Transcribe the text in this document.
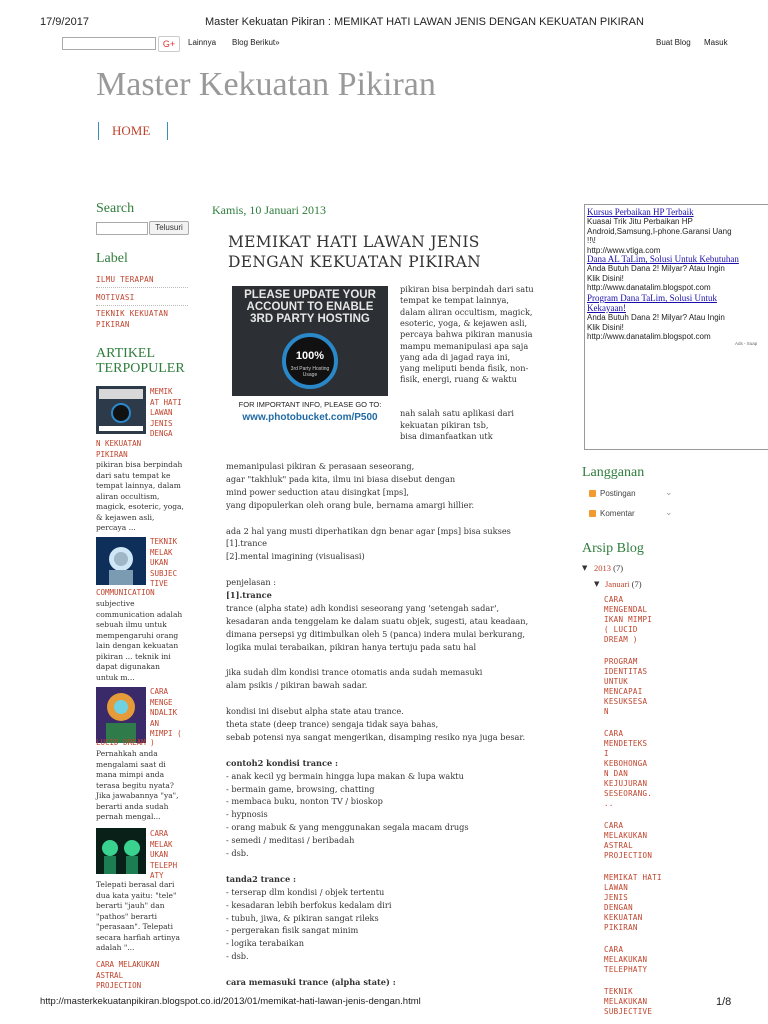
17/9/2017	Master Kekuatan Pikiran : MEMIKAT HATI LAWAN JENIS DENGAN KEKUATAN PIKIRAN
http://masterkekuatanpikiran.blogspot.co.id/2013/01/memikat-hati-lawan-jenis-dengan.html	1/8
G+	Lainnya Blog Berikut»	Buat Blog Masuk
Master Kekuatan Pikiran
HOME
Search
Telusuri
Label
ILMU TERAPAN
MOTIVASI
TEKNIK KEKUATAN PIKIRAN
ARTIKEL
TERPOPULER
MEMIK
AT HATI
LAWAN
JENIS
DENGA
N KEKUATAN
PIKIRAN
pikiran bisa berpindah
dari satu tempat ke
tempat lainnya, dalam
aliran occultism,
magick, esoteric, yoga,
& kejawen asli,
percaya ...
TEKNIK
MELAK
UKAN
SUBJEC
TIVE
COMMUNICATION
subjective
communication adalah
sebuah ilmu untuk
mempengaruhi orang
lain dengan kekuatan
pikiran ... teknik ini
dapat digunakan
untuk m...
CARA
MENGE
NDALIK
AN
MIMPI (
LUCID DREAM )
Pernahkah anda
mengalami saat di
mana mimpi anda
terasa begitu nyata?
Jika jawabannya "ya",
berarti anda sudah
pernah mengal...
CARA
MELAK
UKAN
TELEPH
ATY
Telepati berasal dari
dua kata yaitu: "tele"
berarti "jauh" dan
"pathos" berarti
"perasaan". Telepati
secara harfiah artinya
adalah "...
CARA MELAKUKAN
ASTRAL
PROJECTION
Kamis, 10 Januari 2013
MEMIKAT HATI LAWAN JENIS
DENGAN KEKUATAN PIKIRAN
PLEASE UPDATE YOUR
ACCOUNT TO ENABLE
3RD PARTY HOSTING
100%
3rd Party Hosting
Usage
FOR IMPORTANT INFO, PLEASE GO TO:
www.photobucket.com/P500
pikiran bisa berpindah dari satu
tempat ke tempat lainnya,
dalam aliran occultism, magick,
esoteric, yoga, & kejawen asli,
percaya bahwa pikiran manusia
mampu memanipulasi apa saja
yang ada di jagad raya ini,
yang meliputi benda fisik, non-
fisik, energi, ruang & waktu
nah salah satu aplikasi dari
kekuatan pikiran tsb,
bisa dimanfaatkan utk
memanipulasi pikiran & perasaan seseorang,
agar "takhluk" pada kita, ilmu ini biasa disebut dengan
mind power seduction atau disingkat [mps],
yang dipopulerkan oleh orang bule, bernama amargi hillier.
ada 2 hal yang musti diperhatikan dgn benar agar [mps] bisa sukses
[1].trance
[2].mental imagining (visualisasi)
penjelasan :
[1].trance
trance (alpha state) adh kondisi seseorang yang 'setengah sadar',
kesadaran anda tenggelam ke dalam suatu objek, sugesti, atau keadaan,
dimana persepsi yg ditimbulkan oleh 5 (panca) indera mulai berkurang,
logika mulai terabaikan, pikiran hanya tertuju pada satu hal
jika sudah dlm kondisi trance otomatis anda sudah memasuki
alam psikis / pikiran bawah sadar.
kondisi ini disebut alpha state atau trance.
theta state (deep trance) sengaja tidak saya bahas,
sebab potensi nya sangat mengerikan, disamping resiko nya juga besar.
contoh2 kondisi trance :
- anak kecil yg bermain hingga lupa makan & lupa waktu
- bermain game, browsing, chatting
- membaca buku, nonton TV / bioskop
- hypnosis
- orang mabuk & yang menggunakan segala macam drugs
- semedi / meditasi / beribadah
- dsb.
tanda2 trance :
- terserap dlm kondisi / objek tertentu
- kesadaran lebih berfokus kedalam diri
- tubuh, jiwa, & pikiran sangat rileks
- pergerakan fisik sangat minim
- logika terabaikan
- dsb.
cara memasuki trance (alpha state) :
Kursus Perbaikan HP Terbaik
Kuasai Trik Jitu Perbaikan HP
Android,Samsung,I-phone.Garansi Uang
!!\!
http://www.vtiga.com
Dana AL TaLim, Solusi Untuk Kebutuhan
Anda Butuh Dana 2! Milyar? Atau Ingin
Klik Disini!
http://www.danatalim.blogspot.com
Program Dana TaLim, Solusi Untuk
Kekayaan!
Anda Butuh Dana 2! Milyar? Atau Ingin
Klik Disini!
http://www.danatalim.blogspot.com
Ads - Suap
Langganan
Postingan	⌄
Komentar	⌄
Arsip Blog
▼ 2013 (7)
▼ Januari (7)
CARA
MENGENDAL
IKAN MIMPI
( LUCID
DREAM )
PROGRAM
IDENTITAS
UNTUK
MENCAPAI
KESUKSESA
N
CARA
MENDETEKS
I
KEBOHONGA
N DAN
KEJUJURAN
SESEORANG.
..
CARA
MELAKUKAN
ASTRAL
PROJECTION
MEMIKAT HATI
LAWAN
JENIS
DENGAN
KEKUATAN
PIKIRAN
CARA
MELAKUKAN
TELEPHATY
TEKNIK
MELAKUKAN
SUBJECTIVE
